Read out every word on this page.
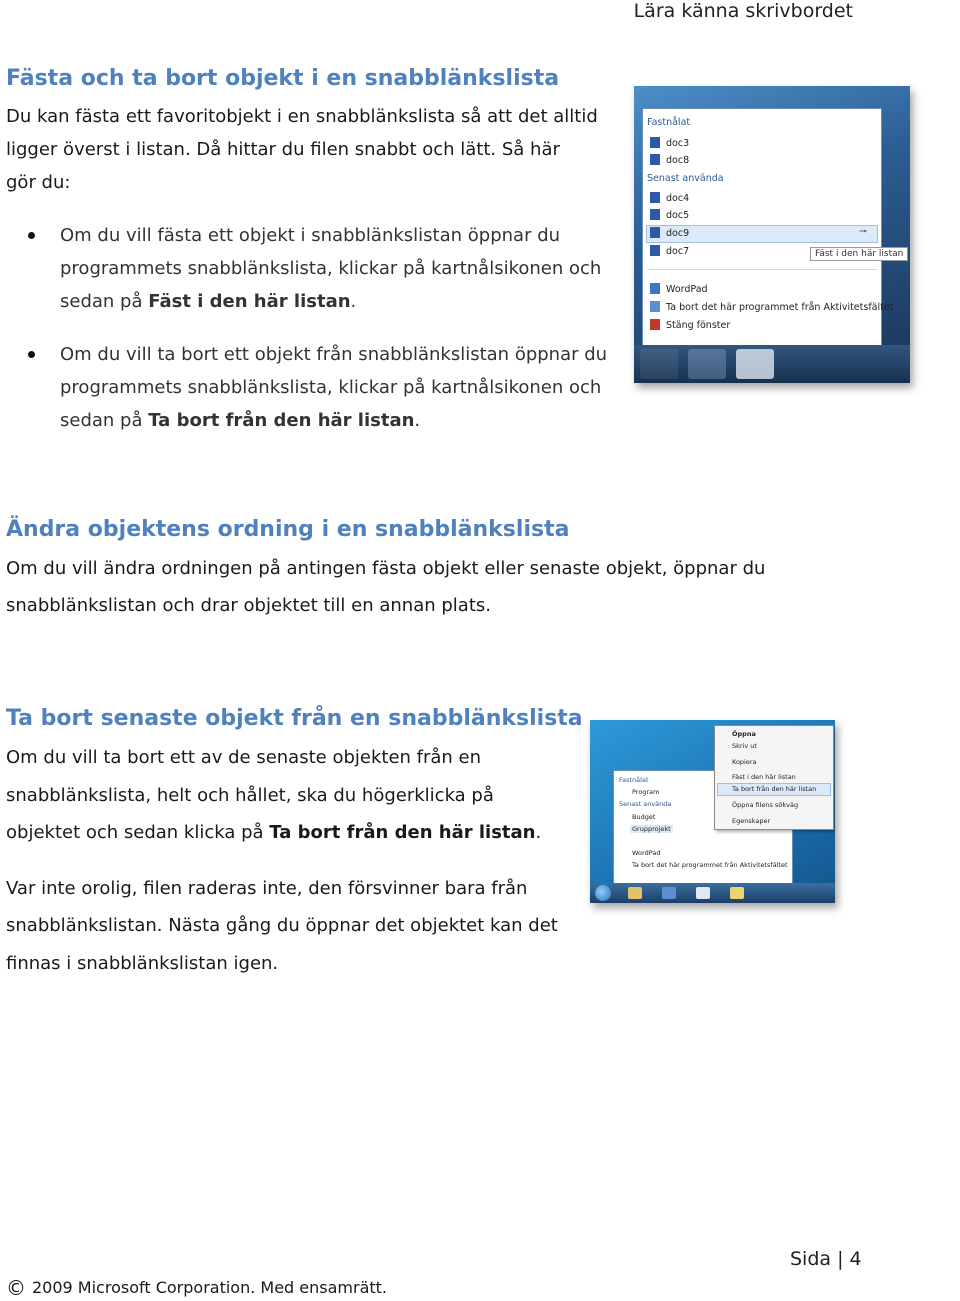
Lära känna skrivbordet
Fästa och ta bort objekt i en snabblänkslista

Du kan fästa ett favoritobjekt i en snabblänkslista så att det alltid

ligger överst i listan. Då hittar du filen snabbt och lätt. Så här

gör du:

Om du vill fästa ett objekt i snabblänkslistan öppnar du
programmets snabblänkslista, klickar på kartnålsikonen och
sedan på Fäst i den här listan.
Om du vill ta bort ett objekt från snabblänkslistan öppnar du
programmets snabblänkslista, klickar på kartnålsikonen och
sedan på Ta bort från den här listan.
Fastnålat
doc3
doc8
Senast använda
doc4
doc5
doc9	⊸
doc7
WordPad
Ta bort det här programmet från Aktivitetsfältet
Stäng fönster
Fäst i den här listan
Ändra objektens ordning i en snabblänkslista

Om du vill ändra ordningen på antingen fästa objekt eller senaste objekt, öppnar du

snabblänkslistan och drar objektet till en annan plats.

Ta bort senaste objekt från en snabblänkslista

Om du vill ta bort ett av de senaste objekten från en

snabblänkslista, helt och hållet, ska du högerklicka på

objektet och sedan klicka på Ta bort från den här listan.

Var inte orolig, filen raderas inte, den försvinner bara från

snabblänkslistan. Nästa gång du öppnar det objektet kan det

finnas i snabblänkslistan igen.

Fastnålat
Program
Senast använda
Budget
Grupprojekt
WordPad
Ta bort det här programmet från Aktivitetsfältet
Öppna
Skriv ut
Kopiera
Fäst i den här listan
Ta bort från den här listan
Öppna filens sökväg
Egenskaper
Sida | 4
© 2009 Microsoft Corporation. Med ensamrätt.
